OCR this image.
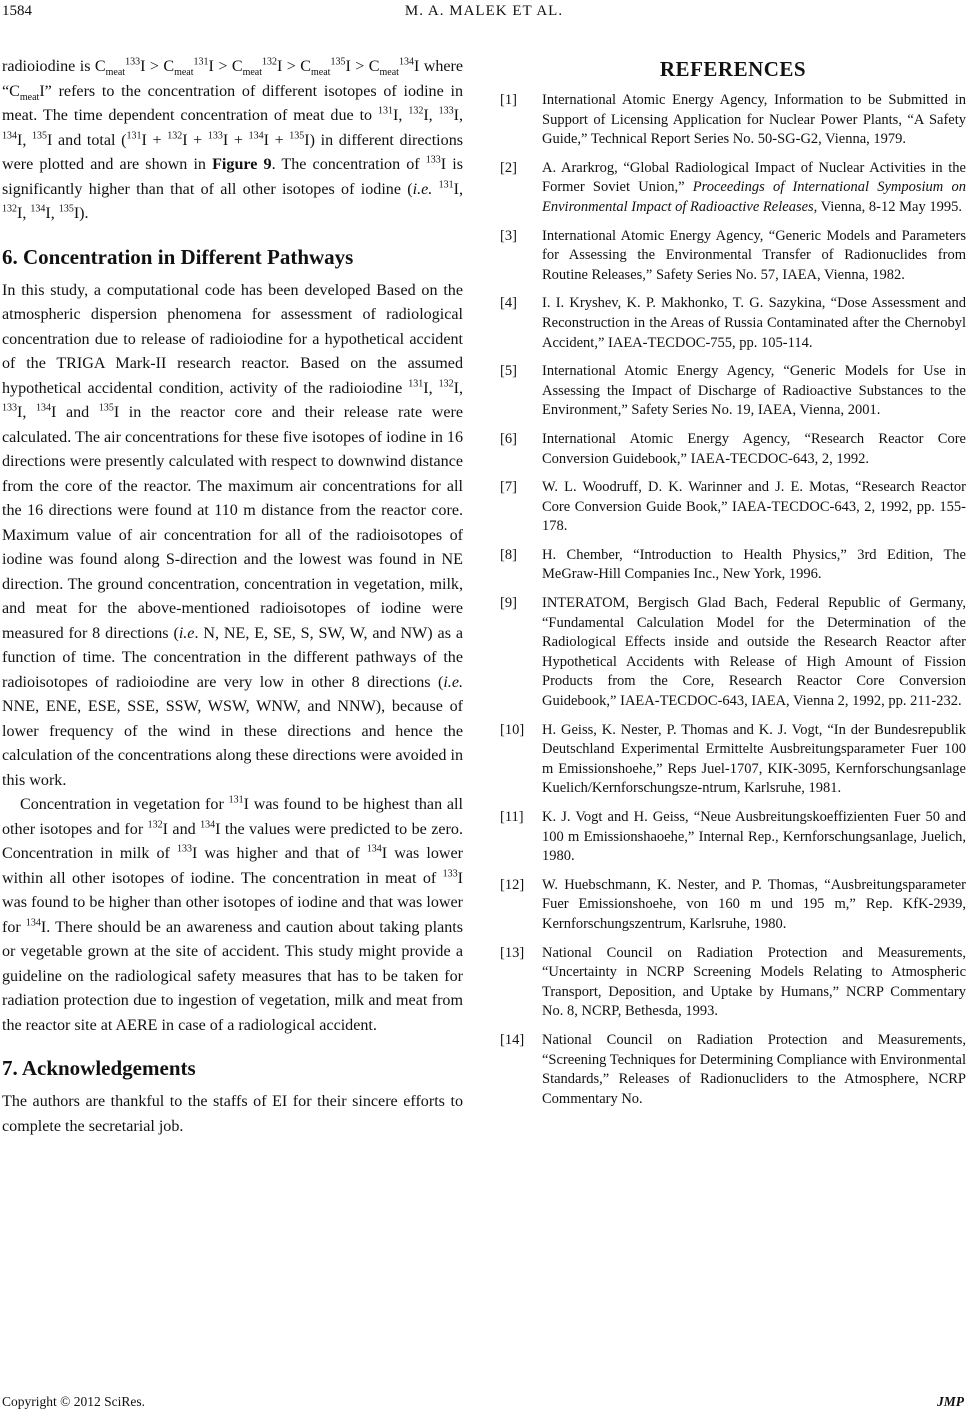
1584	M. A. MALEK ET AL.

radioiodine is $C_{meat}^{133}I > C_{meat}^{131}I > C_{meat}^{132}I > C_{meat}^{135}I > C_{meat}^{134}I$ where “$C_{meat}I$” refers to the concentration of different isotopes of iodine in meat. The time dependent concentration of meat due to $^{131}$I, $^{132}$I, $^{133}$I, $^{134}$I, $^{135}$I and total ($^{131}$I + $^{132}$I + $^{133}$I + $^{134}$I + $^{135}$I) in different directions were plotted and are shown in Figure 9. The concentration of $^{133}$I is significantly higher than that of all other isotopes of iodine (i.e. $^{131}$I, $^{132}$I, $^{134}$I, $^{135}$I).

6. Concentration in Different Pathways

In this study, a computational code has been developed Based on the atmospheric dispersion phenomena for assessment of radiological concentration due to release of radioiodine for a hypothetical accident of the TRIGA Mark-II research reactor. Based on the assumed hypothetical accidental condition, activity of the radioiodine $^{131}$I, $^{132}$I, $^{133}$I, $^{134}$I and $^{135}$I in the reactor core and their release rate were calculated. The air concentrations for these five isotopes of iodine in 16 directions were presently calculated with respect to downwind distance from the core of the reactor. The maximum air concentrations for all the 16 directions were found at 110 m distance from the reactor core. Maximum value of air concentration for all of the radioisotopes of iodine was found along S-direction and the lowest was found in NE direction. The ground concentration, concentration in vegetation, milk, and meat for the above-mentioned radioisotopes of iodine were measured for 8 directions (i.e. N, NE, E, SE, S, SW, W, and NW) as a function of time. The concentration in the different pathways of the radioisotopes of radioiodine are very low in other 8 directions (i.e. NNE, ENE, ESE, SSE, SSW, WSW, WNW, and NNW), because of lower frequency of the wind in these directions and hence the calculation of the concentrations along these directions were avoided in this work.

Concentration in vegetation for $^{131}$I was found to be highest than all other isotopes and for $^{132}$I and $^{134}$I the values were predicted to be zero. Concentration in milk of $^{133}$I was higher and that of $^{134}$I was lower within all other isotopes of iodine. The concentration in meat of $^{133}$I was found to be higher than other isotopes of iodine and that was lower for $^{134}$I. There should be an awareness and caution about taking plants or vegetable grown at the site of accident. This study might provide a guideline on the radiological safety measures that has to be taken for radiation protection due to ingestion of vegetation, milk and meat from the reactor site at AERE in case of a radiological accident.

7. Acknowledgements

The authors are thankful to the staffs of EI for their sincere efforts to complete the secretarial job.

REFERENCES
[1] International Atomic Energy Agency, Information to be Submitted in Support of Licensing Application for Nuclear Power Plants, “A Safety Guide,” Technical Report Series No. 50-SG-G2, Vienna, 1979.
[2] A. Ararkrog, “Global Radiological Impact of Nuclear Activities in the Former Soviet Union,” Proceedings of International Symposium on Environmental Impact of Radioactive Releases, Vienna, 8-12 May 1995.
[3] International Atomic Energy Agency, “Generic Models and Parameters for Assessing the Environmental Transfer of Radionuclides from Routine Releases,” Safety Series No. 57, IAEA, Vienna, 1982.
[4] I. I. Kryshev, K. P. Makhonko, T. G. Sazykina, “Dose Assessment and Reconstruction in the Areas of Russia Contaminated after the Chernobyl Accident,” IAEA-TECDOC-755, pp. 105-114.
[5] International Atomic Energy Agency, “Generic Models for Use in Assessing the Impact of Discharge of Radioactive Substances to the Environment,” Safety Series No. 19, IAEA, Vienna, 2001.
[6] International Atomic Energy Agency, “Research Reactor Core Conversion Guidebook,” IAEA-TECDOC-643, 2, 1992.
[7] W. L. Woodruff, D. K. Warinner and J. E. Motas, “Research Reactor Core Conversion Guide Book,” IAEA-TECDOC-643, 2, 1992, pp. 155-178.
[8] H. Chember, “Introduction to Health Physics,” 3rd Edition, The MeGraw-Hill Companies Inc., New York, 1996.
[9] INTERATOM, Bergisch Glad Bach, Federal Republic of Germany, “Fundamental Calculation Model for the Determination of the Radiological Effects inside and outside the Research Reactor after Hypothetical Accidents with Release of High Amount of Fission Products from the Core, Research Reactor Core Conversion Guidebook,” IAEA-TECDOC-643, IAEA, Vienna 2, 1992, pp. 211-232.
[10] H. Geiss, K. Nester, P. Thomas and K. J. Vogt, “In der Bundesrepublik Deutschland Experimental Ermittelte Ausbreitungsparameter Fuer 100 m Emissionshoehe,” Reps Juel-1707, KIK-3095, Kernforschungsanlage Kuelich/Kernforschungsze-ntrum, Karlsruhe, 1981.
[11] K. J. Vogt and H. Geiss, “Neue Ausbreitungskoeffizienten Fuer 50 and 100 m Emissionshaoehe,” Internal Rep., Kernforschungsanlage, Juelich, 1980.
[12] W. Huebschmann, K. Nester, and P. Thomas, “Ausbreitungsparameter Fuer Emissionshoehe, von 160 m und 195 m,” Rep. KfK-2939, Kernforschungszentrum, Karlsruhe, 1980.
[13] National Council on Radiation Protection and Measurements, “Uncertainty in NCRP Screening Models Relating to Atmospheric Transport, Deposition, and Uptake by Humans,” NCRP Commentary No. 8, NCRP, Bethesda, 1993.
[14] National Council on Radiation Protection and Measurements, “Screening Techniques for Determining Compliance with Environmental Standards,” Releases of Radionucliders to the Atmosphere, NCRP Commentary No.
Copyright © 2012 SciRes.	JMP
